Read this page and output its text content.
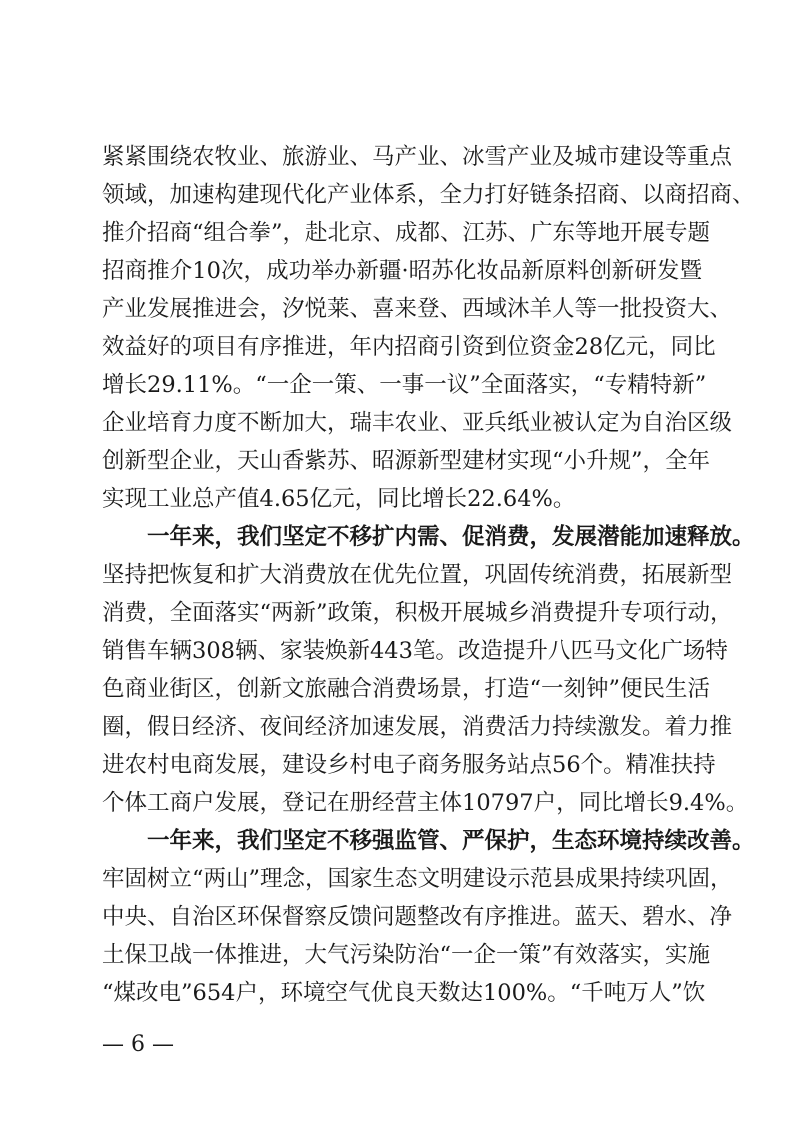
紧紧围绕农牧业、旅游业、马产业、冰雪产业及城市建设等重点
领域，加速构建现代化产业体系，全力打好链条招商、以商招商、
推介招商“组合拳”，赴北京、成都、江苏、广东等地开展专题
招商推介10次，成功举办新疆·昭苏化妆品新原料创新研发暨
产业发展推进会，汐悦莱、喜来登、西域沐羊人等一批投资大、
效益好的项目有序推进，年内招商引资到位资金28亿元，同比
增长29.11%。“一企一策、一事一议”全面落实，“专精特新”
企业培育力度不断加大，瑞丰农业、亚兵纸业被认定为自治区级
创新型企业，天山香紫苏、昭源新型建材实现“小升规”，全年
实现工业总产值4.65亿元，同比增长22.64%。
一年来，我们坚定不移扩内需、促消费，发展潜能加速释放。
坚持把恢复和扩大消费放在优先位置，巩固传统消费，拓展新型
消费，全面落实“两新”政策，积极开展城乡消费提升专项行动，
销售车辆308辆、家装焕新443笔。改造提升八匹马文化广场特
色商业街区，创新文旅融合消费场景，打造“一刻钟”便民生活
圈，假日经济、夜间经济加速发展，消费活力持续激发。着力推
进农村电商发展，建设乡村电子商务服务站点56个。精准扶持
个体工商户发展，登记在册经营主体10797户，同比增长9.4%。
一年来，我们坚定不移强监管、严保护，生态环境持续改善。
牢固树立“两山”理念，国家生态文明建设示范县成果持续巩固，
中央、自治区环保督察反馈问题整改有序推进。蓝天、碧水、净
土保卫战一体推进，大气污染防治“一企一策”有效落实，实施
“煤改电”654户，环境空气优良天数达100%。“千吨万人”饮
— 6 —
